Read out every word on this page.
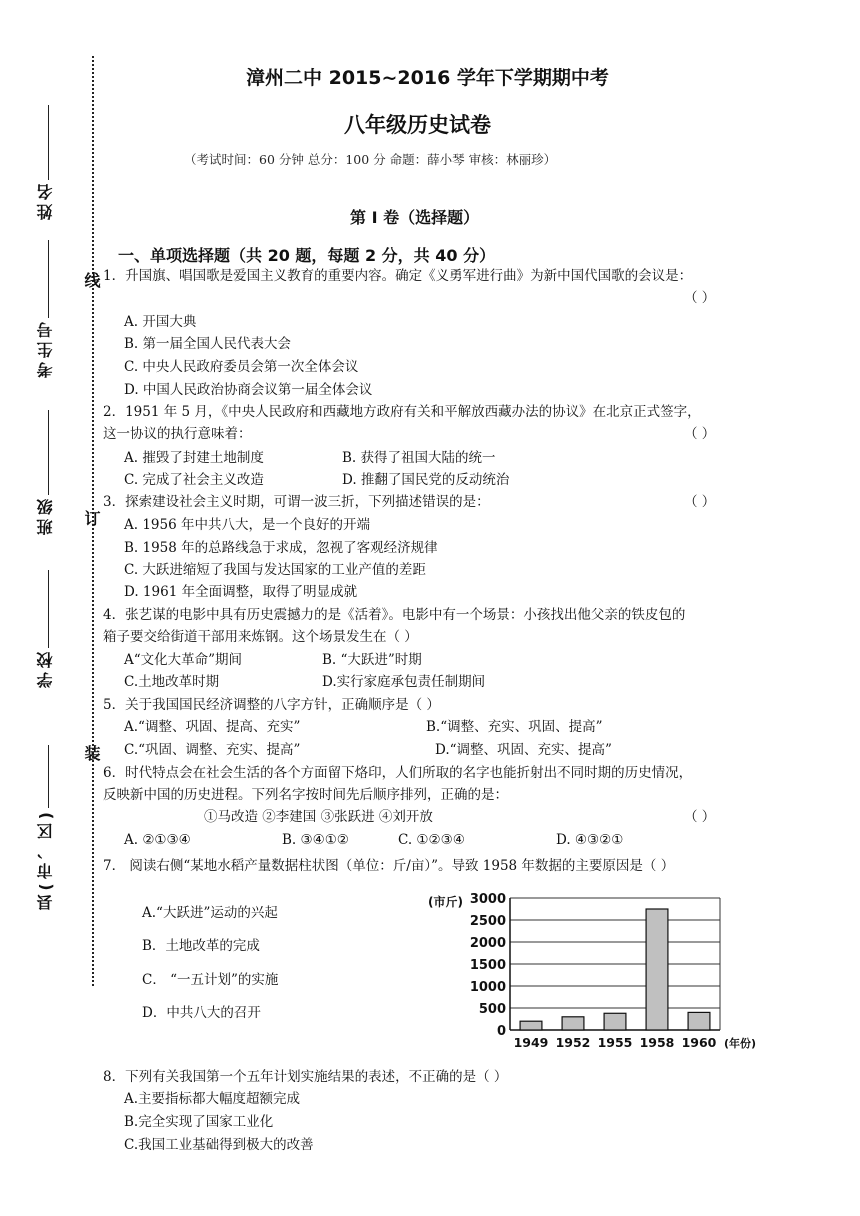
姓名
考生号
班级
学校
县(市、区)
线
订
装
漳州二中 2015~2016 学年下学期期中考
八年级历史试卷
（考试时间：60 分钟 总分：100 分 命题：薛小琴 审核：林丽珍）
第 I 卷（选择题）
一、单项选择题（共 20 题，每题 2 分，共 40 分）
1．升国旗、唱国歌是爱国主义教育的重要内容。确定《义勇军进行曲》为新中国代国歌的会议是：
（ ）
A. 开国大典
B. 第一届全国人民代表大会
C. 中央人民政府委员会第一次全体会议
D. 中国人民政治协商会议第一届全体会议
2．1951 年 5 月，《中央人民政府和西藏地方政府有关和平解放西藏办法的协议》在北京正式签字，
这一协议的执行意味着：	（ ）
A. 摧毁了封建土地制度	B. 获得了祖国大陆的统一
C. 完成了社会主义改造	D. 推翻了国民党的反动统治
3．探索建设社会主义时期，可谓一波三折，下列描述错误的是：	（ ）
A. 1956 年中共八大，是一个良好的开端
B. 1958 年的总路线急于求成，忽视了客观经济规律
C. 大跃进缩短了我国与发达国家的工业产值的差距
D. 1961 年全面调整，取得了明显成就
4．张艺谋的电影中具有历史震撼力的是《活着》。电影中有一个场景：小孩找出他父亲的铁皮包的
箱子要交给街道干部用来炼钢。这个场景发生在（ ）
A“文化大革命”期间	B. “大跃进”时期
C.土地改革时期	D.实行家庭承包责任制期间
5．关于我国国民经济调整的八字方针，正确顺序是（ ）
A.“调整、巩固、提高、充实”	B.“调整、充实、巩固、提高”
C.“巩固、调整、充实、提高”	D.“调整、巩固、充实、提高”
6．时代特点会在社会生活的各个方面留下烙印，人们所取的名字也能折射出不同时期的历史情况，
反映新中国的历史进程。下列名字按时间先后顺序排列，正确的是：
①马改造 ②李建国 ③张跃进 ④刘开放	（ ）
A. ②①③④	B. ③④①②	C. ①②③④	D. ④③②①
7． 阅读右侧“某地水稻产量数据柱状图（单位：斤/亩）”。导致 1958 年数据的主要原因是（ ）
A.“大跃进”运动的兴起
B．土地改革的完成
C． “一五计划”的实施
D．中共八大的召开
0
500
1000
1500
2000
2500
3000
(市斤)
1949 1952 1955 1958 1960 (年份)
8．下列有关我国第一个五年计划实施结果的表述，不正确的是（ ）
A.主要指标都大幅度超额完成
B.完全实现了国家工业化
C.我国工业基础得到极大的改善
